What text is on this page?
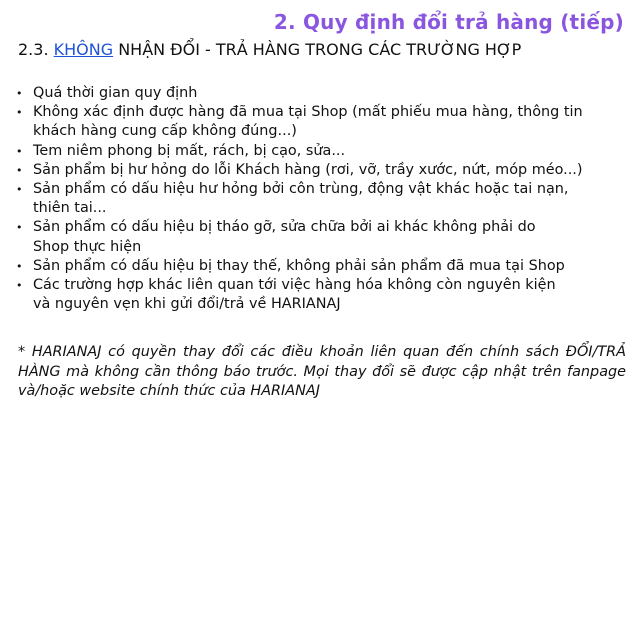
2. Quy định đổi trả hàng (tiếp)
2.3. KHÔNG NHẬN ĐỔI - TRẢ HÀNG TRONG CÁC TRƯỜNG HỢP
• Quá thời gian quy định
• Không xác định được hàng đã mua tại Shop (mất phiếu mua hàng, thông tin
khách hàng cung cấp không đúng...)
• Tem niêm phong bị mất, rách, bị cạo, sửa...
• Sản phẩm bị hư hỏng do lỗi Khách hàng (rơi, vỡ, trầy xước, nứt, móp méo...)
• Sản phẩm có dấu hiệu hư hỏng bởi côn trùng, động vật khác hoặc tai nạn,
thiên tai...
• Sản phẩm có dấu hiệu bị tháo gỡ, sửa chữa bởi ai khác không phải do
Shop thực hiện
• Sản phẩm có dấu hiệu bị thay thế, không phải sản phẩm đã mua tại Shop
• Các trường hợp khác liên quan tới việc hàng hóa không còn nguyên kiện
và nguyên vẹn khi gửi đổi/trả về HARIANAJ
* HARIANAJ có quyền thay đổi các điều khoản liên quan đến chính sách ĐỔI/TRẢ HÀNG mà không cần thông báo trước. Mọi thay đổi sẽ được cập nhật trên fanpage và/hoặc website chính thức của HARIANAJ
